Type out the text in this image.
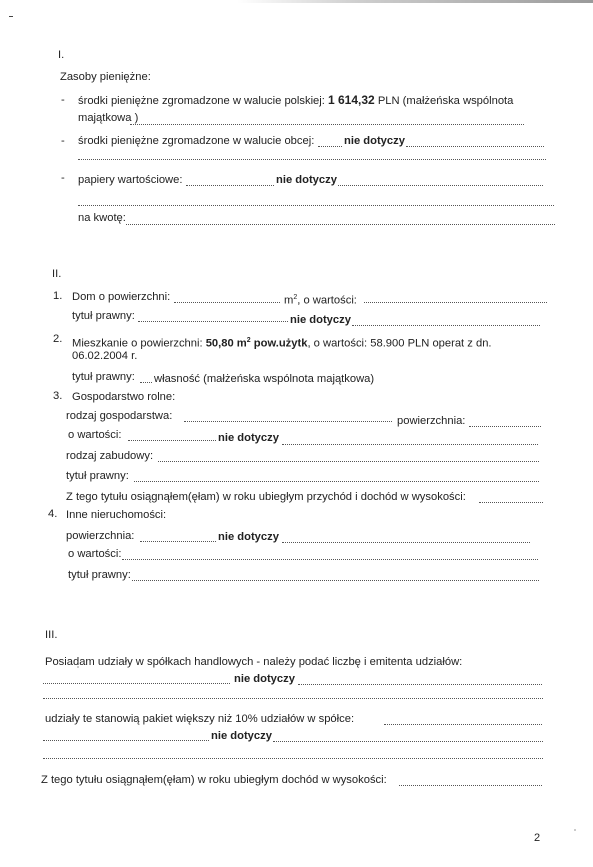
I.
Zasoby pieniężne:
- środki pieniężne zgromadzone w walucie polskiej: 1 614,32 PLN (małżeńska wspólnota
majątkowa )
- środki pieniężne zgromadzone w walucie obcej:	nie dotyczy
- papiery wartościowe:	nie dotyczy
na kwotę:
II.
1. Dom o powierzchni:	$m^2$, o wartości:
tytuł prawny:	nie dotyczy
2. Mieszkanie o powierzchni: 50,80 $m^2$ pow.użytk, o wartości: 58.900 PLN operat z dn.
06.02.2004 r.
tytuł prawny: własność (małżeńska wspólnota majątkowa)
3. Gospodarstwo rolne:
rodzaj gospodarstwa:	powierzchnia:
o wartości:	nie dotyczy
rodzaj zabudowy:
tytuł prawny:
Z tego tytułu osiągnąłem(ęłam) w roku ubiegłym przychód i dochód w wysokości:
4. Inne nieruchomości:
powierzchnia:	nie dotyczy
o wartości:
tytuł prawny:
III.
Posiadam udziały w spółkach handlowych - należy podać liczbę i emitenta udziałów:
nie dotyczy
udziały te stanowią pakiet większy niż 10% udziałów w spółce:
nie dotyczy
Z tego tytułu osiągnąłem(ęłam) w roku ubiegłym dochód w wysokości:
2
